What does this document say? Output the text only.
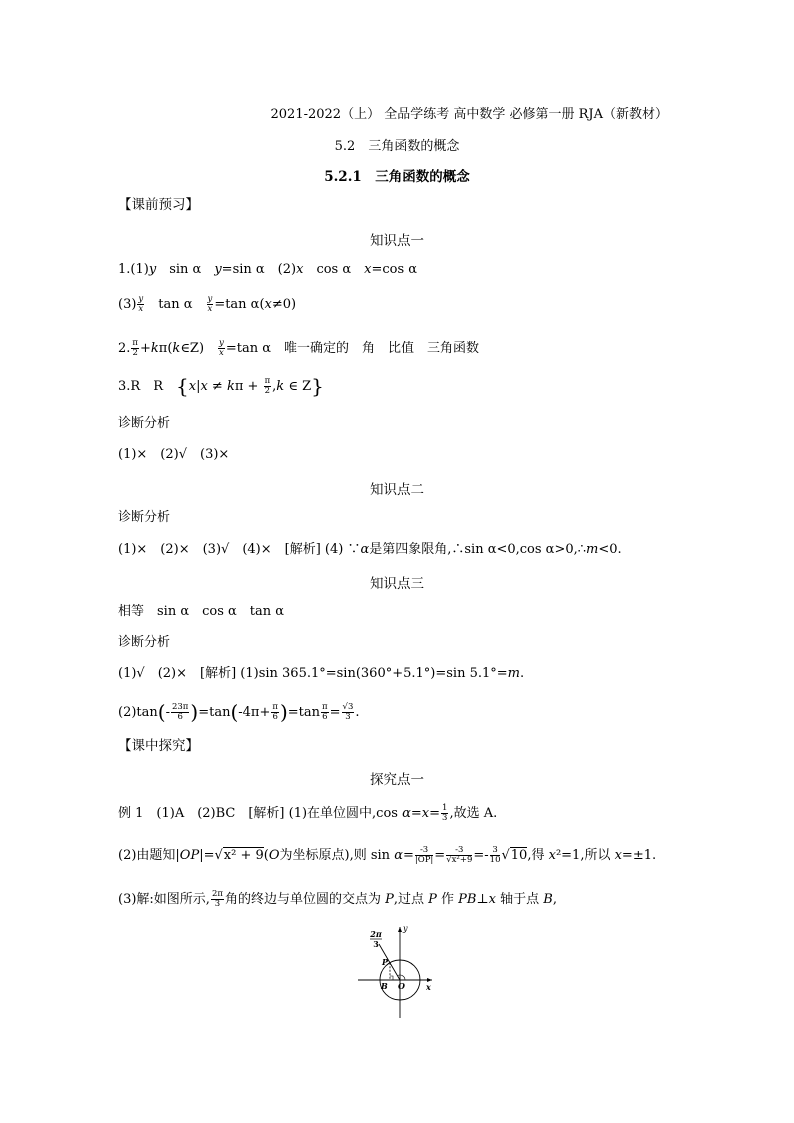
2021-2022（上） 全品学练考 高中数学 必修第一册 RJA（新教材）
5.2　三角函数的概念
5.2.1　三角函数的概念
【课前预习】
知识点一
1.(1)y　sin α　y=sin α　(2)x　cos α　x=cos α
$(3) \frac{y}{x}$ 　tan α　 $\frac{y}{x} =\tan$ α(x≠0)
2. $\frac{\pi}{2}$ +kπ(k∈Z)　 $\frac{y}{x} =\tan$ α　唯一确定的　角　比值　三角函数
3.R　R　{$x|x \ne k\pi + \frac{\pi}{2} ,k$ ∈ Z}
诊断分析
(1)×　(2)√　(3)×
知识点二
诊断分析
(1)×　(2)×　(3)√　(4)×　[解析] (4) ∵α是第四象限角,∴sin α<0,cos α>0,∴m<0.
知识点三
相等　sin α　cos α　tan α
诊断分析
(1)√　(2)×　[解析] (1)sin 365.1°=sin(360°+5.1°)=sin 5.1°=m.
$(2)\tan(- \frac{23\pi}{6} )=\tan(-4\pi+ \frac{\pi}{6} )=\tan \frac{\pi}{6} = \frac{√3}{3}$ .
【课中探究】
探究点一
例 1　(1)A　(2)BC　[解析] (1)在单位圆中,cos $\alpha=x= \frac{1}{3}$ ,故选 A.
(2)由题知|OP|=√x² + 9(O为坐标原点),则 $\sin \alpha= \frac{-3}{|OP|} = \frac{-3}{\text{√x²+9}} =- \frac{3}{10} √10$,得 x²=1,所以 x=±1.
(3)解:如图所示, $\frac{2\pi}{3}$ 角的终边与单位圆的交点为 P,过点 P 作 PB⊥x 轴于点 B,
2π
3
y
x
P
B O
